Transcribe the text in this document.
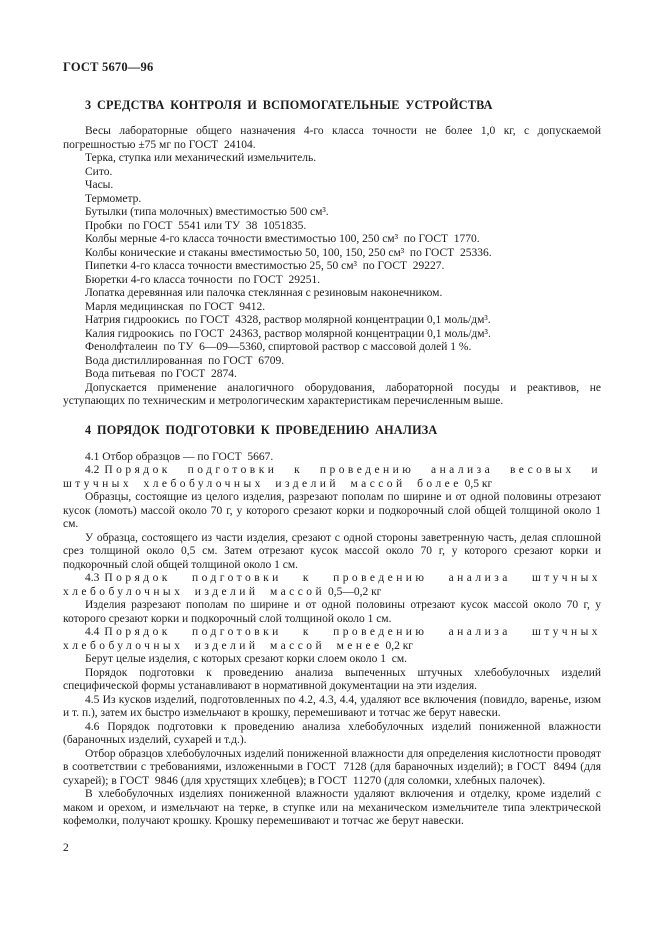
ГОСТ 5670—96
3 СРЕДСТВА КОНТРОЛЯ И ВСПОМОГАТЕЛЬНЫЕ УСТРОЙСТВА

Весы лабораторные общего назначения 4-го класса точности не более 1,0 кг, с допускаемой погрешностью ±75 мг по ГОСТ  24104.

Терка, ступка или механический измельчитель.

Сито.

Часы.

Термометр.

Бутылки (типа молочных) вместимостью 500 см³.

Пробки  по ГОСТ  5541 или ТУ  38  1051835.

Колбы мерные 4-го класса точности вместимостью 100, 250 см³  по ГОСТ  1770.

Колбы конические и стаканы вместимостью 50, 100, 150, 250 см³  по ГОСТ  25336.

Пипетки 4-го класса точности вместимостью 25, 50 см³  по ГОСТ  29227.

Бюретки 4-го класса точности  по ГОСТ  29251.

Лопатка деревянная или палочка стеклянная с резиновым наконечником.

Марля медицинская  по ГОСТ  9412.

Натрия гидроокись  по ГОСТ  4328, раствор молярной концентрации 0,1 моль/дм³.

Калия гидроокись  по ГОСТ  24363, раствор молярной концентрации 0,1 моль/дм³.

Фенолфталеин  по ТУ  6—09—5360, спиртовой раствор с массовой долей 1 %.

Вода дистиллированная  по ГОСТ  6709.

Вода питьевая  по ГОСТ  2874.

Допускается применение аналогичного оборудования, лабораторной посуды и реактивов, не уступающих по техническим и метрологическим характеристикам перечисленным выше.

4 ПОРЯДОК ПОДГОТОВКИ К ПРОВЕДЕНИЮ АНАЛИЗА

4.1 Отбор образцов — по ГОСТ  5667.

4.2 Порядок подготовки к проведению анализа весовых и штучных хлебобулочных изделий массой более 0,5 кг

Образцы, состоящие из целого изделия, разрезают пополам по ширине и от одной половины отрезают кусок (ломоть) массой около 70 г, у которого срезают корки и подкорочный слой общей толщиной около 1 см.

У образца, состоящего из части изделия, срезают с одной стороны заветренную часть, делая сплошной срез толщиной около 0,5 см. Затем отрезают кусок массой около 70 г, у которого срезают корки и подкорочный слой общей толщиной около 1 см.

4.3 Порядок подготовки к проведению анализа штучных хлебобулочных изделий массой 0,5—0,2 кг

Изделия разрезают пополам по ширине и от одной половины отрезают кусок массой около 70 г, у которого срезают корки и подкорочный слой толщиной около 1 см.

4.4 Порядок подготовки к проведению анализа штучных хлебобулочных изделий массой менее 0,2 кг

Берут целые изделия, с которых срезают корки слоем около 1  см.

Порядок подготовки к проведению анализа выпеченных штучных хлебобулочных изделий специфической формы устанавливают в нормативной документации на эти изделия.

4.5 Из кусков изделий, подготовленных по 4.2, 4.3, 4.4, удаляют все включения (повидло, варенье, изюм и т. п.), затем их быстро измельчают в крошку, перемешивают и тотчас же берут навески.

4.6 Порядок подготовки к проведению анализа хлебобулочных изделий пониженной влажности (бараночных изделий, сухарей и т.д.).

Отбор образцов хлебобулочных изделий пониженной влажности для определения кислотности проводят в соответствии с требованиями, изложенными в ГОСТ  7128 (для бараночных изделий); в ГОСТ  8494 (для сухарей); в ГОСТ  9846 (для хрустящих хлебцев); в ГОСТ  11270 (для соломки, хлебных палочек).

В хлебобулочных изделиях пониженной влажности удаляют включения и отделку, кроме изделий с маком и орехом, и измельчают на терке, в ступке или на механическом измельчителе типа электрической кофемолки, получают крошку. Крошку перемешивают и тотчас же берут навески.

2
